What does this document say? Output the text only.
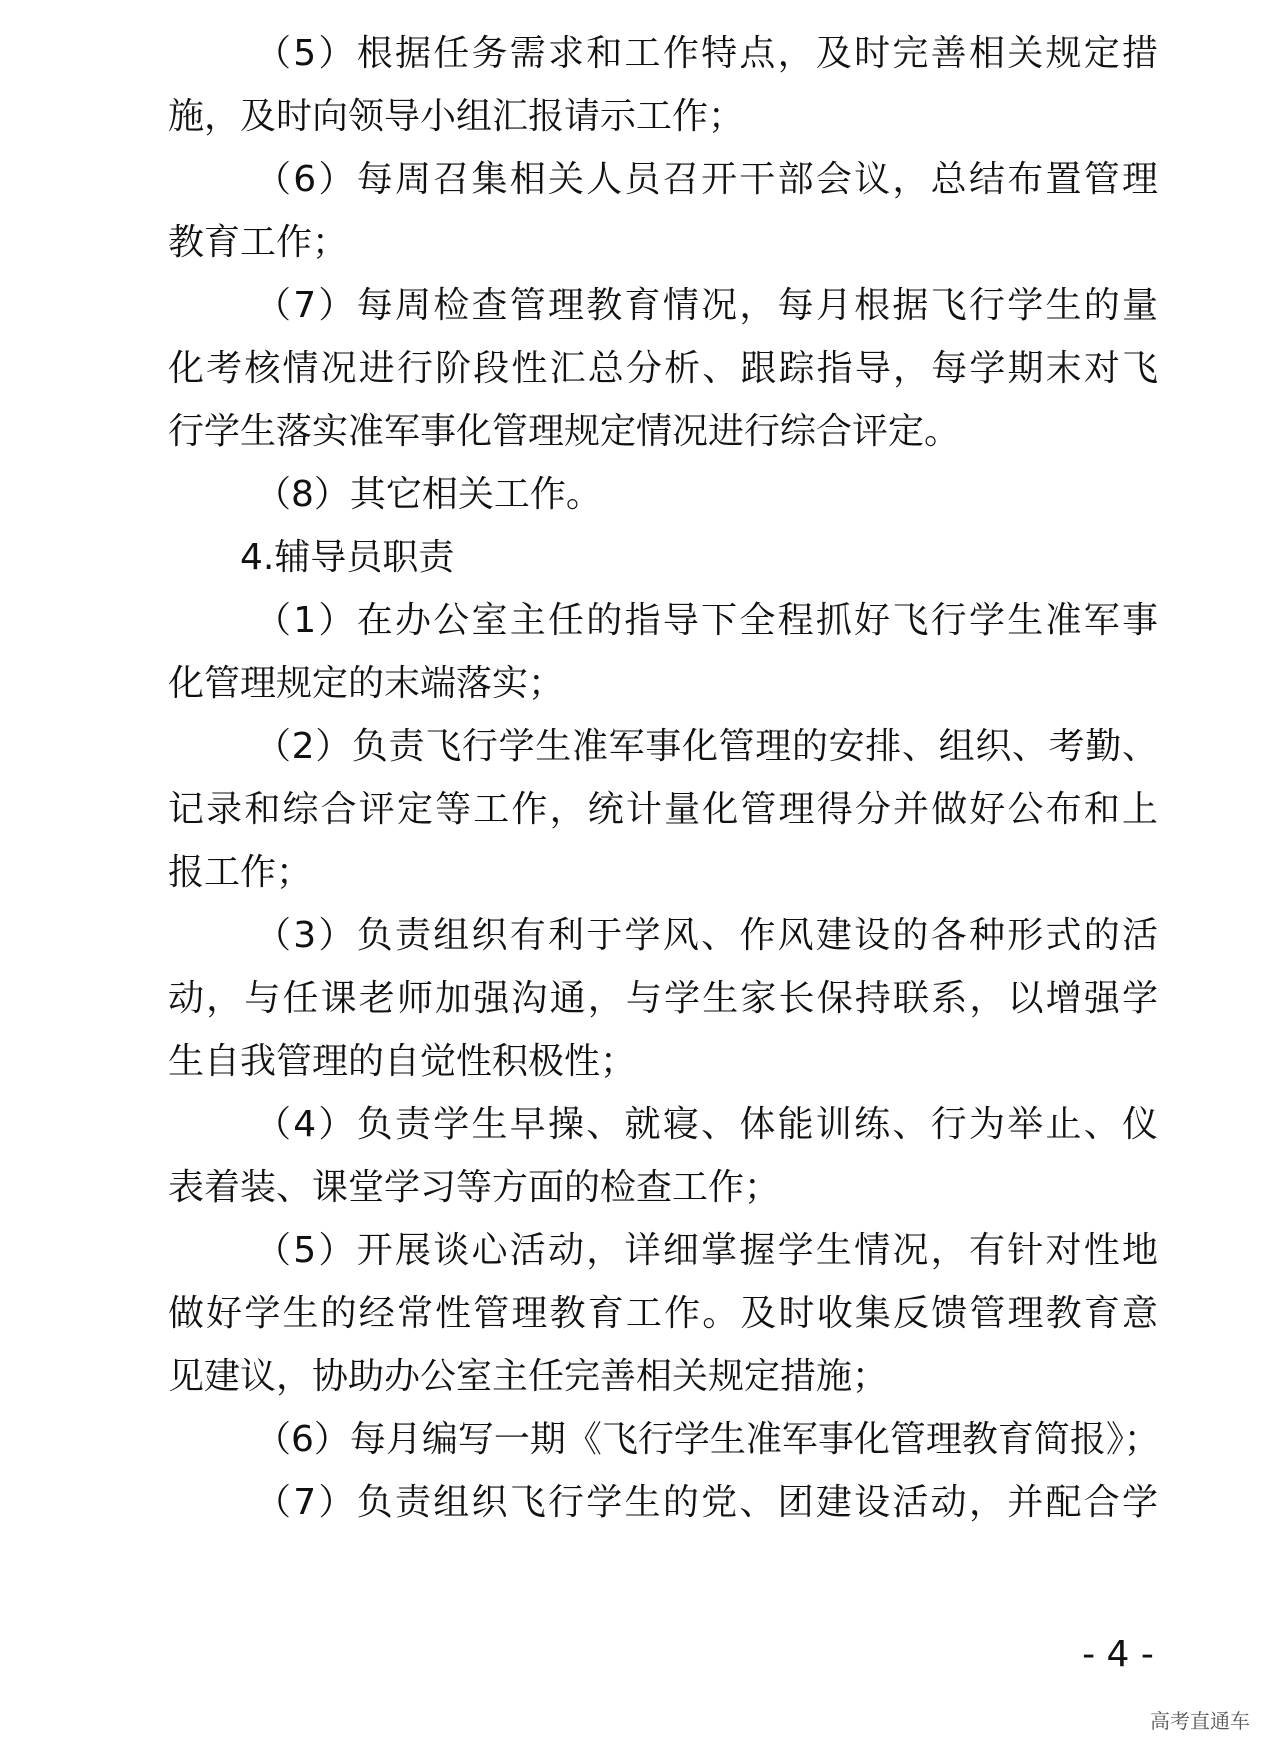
（5）根据任务需求和工作特点，及时完善相关规定措
施，及时向领导小组汇报请示工作；
（6）每周召集相关人员召开干部会议，总结布置管理
教育工作；
（7）每周检查管理教育情况，每月根据飞行学生的量
化考核情况进行阶段性汇总分析、跟踪指导，每学期末对飞
行学生落实准军事化管理规定情况进行综合评定。
（8）其它相关工作。
4.辅导员职责
（1）在办公室主任的指导下全程抓好飞行学生准军事
化管理规定的末端落实；
（2）负责飞行学生准军事化管理的安排、组织、考勤、
记录和综合评定等工作，统计量化管理得分并做好公布和上
报工作；
（3）负责组织有利于学风、作风建设的各种形式的活
动，与任课老师加强沟通，与学生家长保持联系，以增强学
生自我管理的自觉性积极性；
（4）负责学生早操、就寝、体能训练、行为举止、仪
表着装、课堂学习等方面的检查工作；
（5）开展谈心活动，详细掌握学生情况，有针对性地
做好学生的经常性管理教育工作。及时收集反馈管理教育意
见建议，协助办公室主任完善相关规定措施；
（6）每月编写一期《飞行学生准军事化管理教育简报》；
（7）负责组织飞行学生的党、团建设活动，并配合学
- 4 -
高考直通车
